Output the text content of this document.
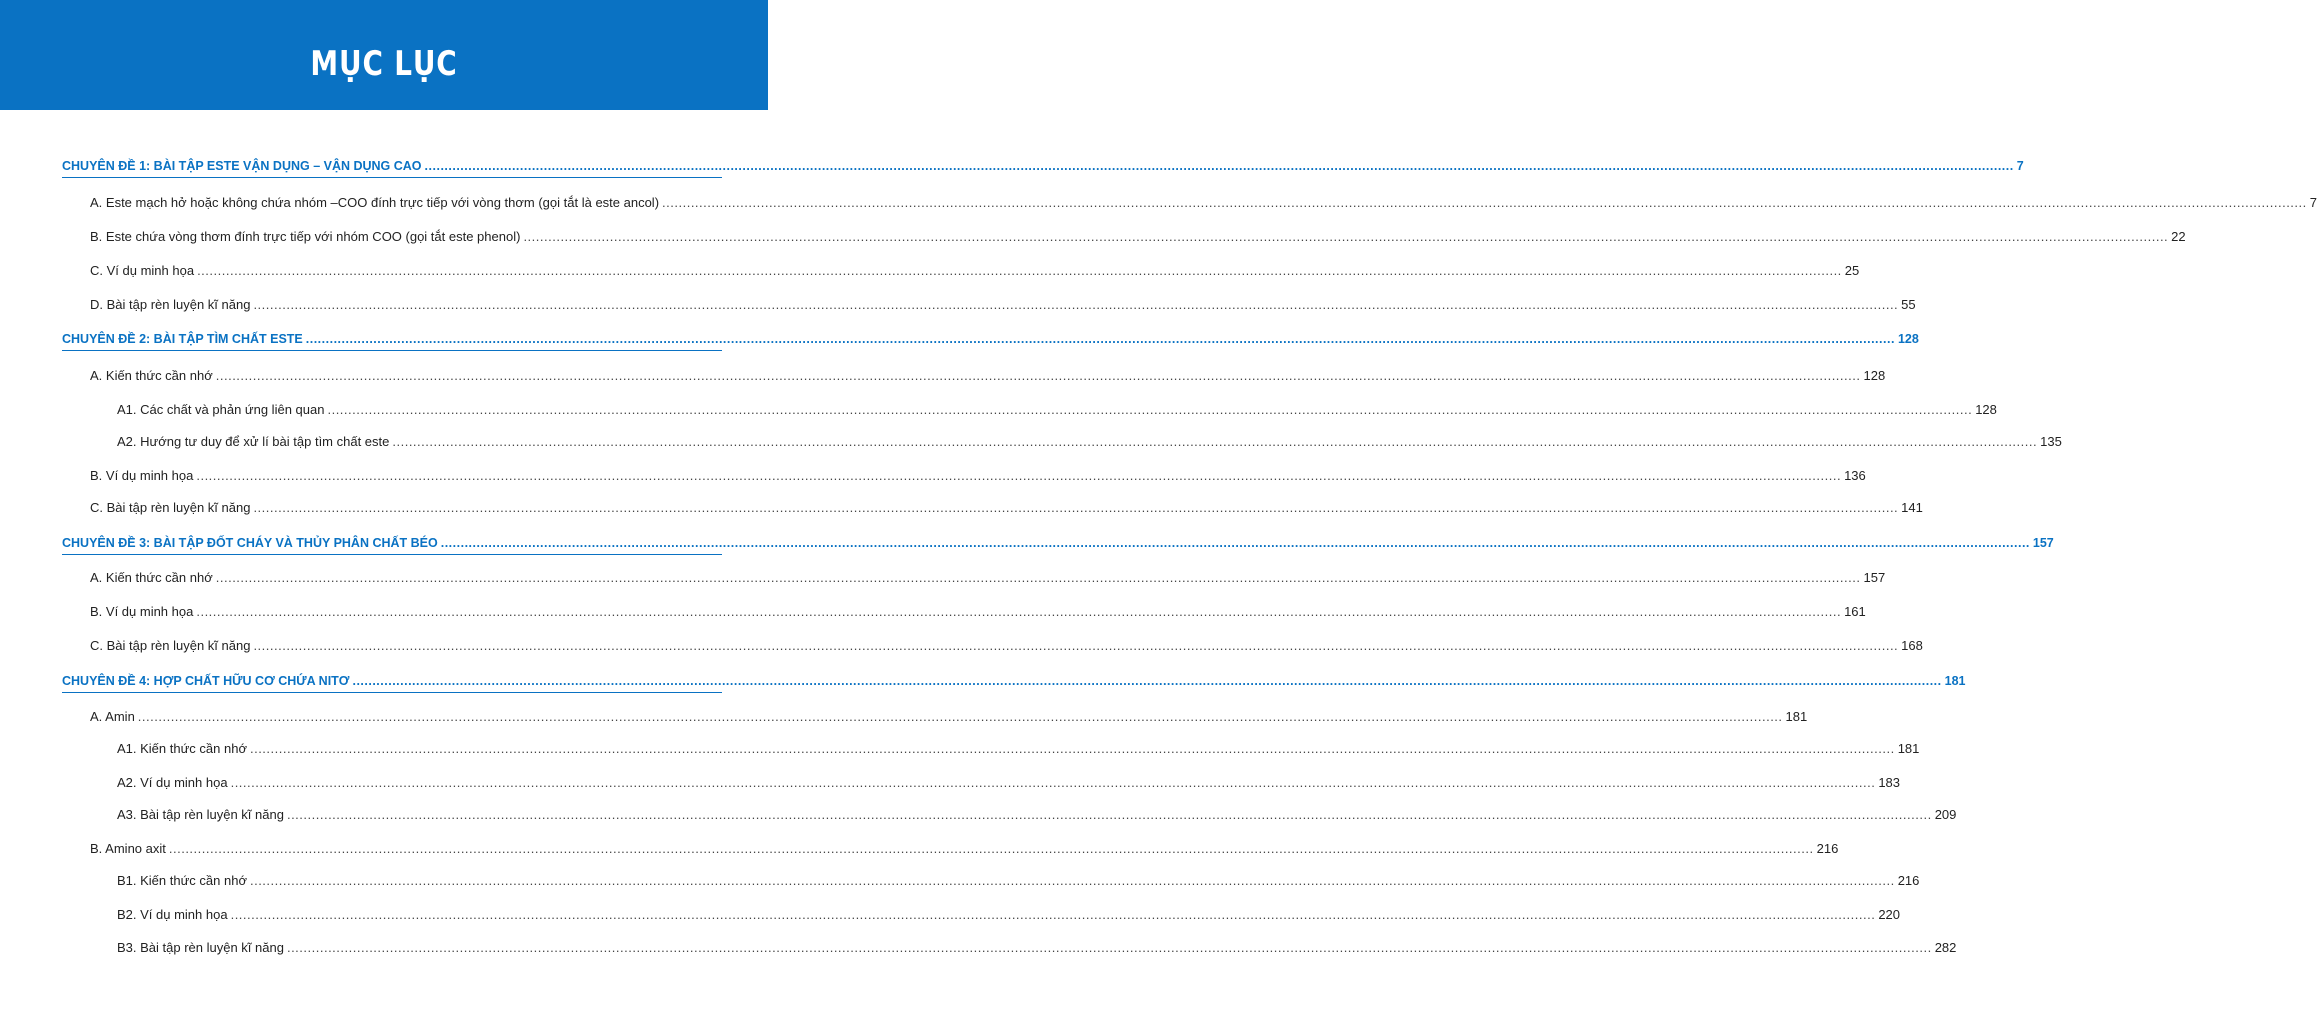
MỤC LỤC
CHUYÊN ĐỀ 1: BÀI TẬP ESTE VẬN DỤNG – VẬN DỤNG CAO ................................................................................................................................................................................................................................................................................................................................................................................................................ 7
A. Este mạch hở hoặc không chứa nhóm –COO đính trực tiếp với vòng thơm (gọi tắt là este ancol) ................................................................................................................................................................................................................................................................................................................................................................................................................ 7
B. Este chứa vòng thơm đính trực tiếp với nhóm COO (gọi tắt este phenol) ................................................................................................................................................................................................................................................................................................................................................................................................................ 22
C. Ví dụ minh họa ................................................................................................................................................................................................................................................................................................................................................................................................................ 25
D. Bài tập rèn luyện kĩ năng ................................................................................................................................................................................................................................................................................................................................................................................................................ 55
CHUYÊN ĐỀ 2: BÀI TẬP TÌM CHẤT ESTE ................................................................................................................................................................................................................................................................................................................................................................................................................ 128
A. Kiến thức cần nhớ ................................................................................................................................................................................................................................................................................................................................................................................................................ 128
A1. Các chất và phản ứng liên quan ................................................................................................................................................................................................................................................................................................................................................................................................................ 128
A2. Hướng tư duy để xử lí bài tập tìm chất este ................................................................................................................................................................................................................................................................................................................................................................................................................ 135
B. Ví dụ minh họa ................................................................................................................................................................................................................................................................................................................................................................................................................ 136
C. Bài tập rèn luyện kĩ năng ................................................................................................................................................................................................................................................................................................................................................................................................................ 141
CHUYÊN ĐỀ 3: BÀI TẬP ĐỐT CHÁY VÀ THỦY PHÂN CHẤT BÉO ................................................................................................................................................................................................................................................................................................................................................................................................................ 157
A. Kiến thức cần nhớ ................................................................................................................................................................................................................................................................................................................................................................................................................ 157
B. Ví dụ minh họa ................................................................................................................................................................................................................................................................................................................................................................................................................ 161
C. Bài tập rèn luyện kĩ năng ................................................................................................................................................................................................................................................................................................................................................................................................................ 168
CHUYÊN ĐỀ 4: HỢP CHẤT HỮU CƠ CHỨA NITƠ ................................................................................................................................................................................................................................................................................................................................................................................................................ 181
A. Amin ................................................................................................................................................................................................................................................................................................................................................................................................................ 181
A1. Kiến thức cần nhớ ................................................................................................................................................................................................................................................................................................................................................................................................................ 181
A2. Ví dụ minh họa ................................................................................................................................................................................................................................................................................................................................................................................................................ 183
A3. Bài tập rèn luyện kĩ năng ................................................................................................................................................................................................................................................................................................................................................................................................................ 209
B. Amino axit ................................................................................................................................................................................................................................................................................................................................................................................................................ 216
B1. Kiến thức cần nhớ ................................................................................................................................................................................................................................................................................................................................................................................................................ 216
B2. Ví dụ minh họa ................................................................................................................................................................................................................................................................................................................................................................................................................ 220
B3. Bài tập rèn luyện kĩ năng ................................................................................................................................................................................................................................................................................................................................................................................................................ 282
